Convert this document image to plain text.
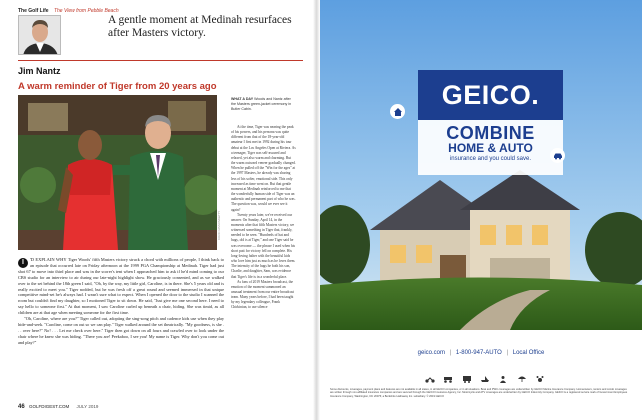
The Golf Life The View from Pebble Beach
A gentle moment at Medinah resurfaces after Masters victory.
Jim Nantz
A warm reminder of Tiger from 20 years ago
WHAT A DAY Woods and Nantz after the Masters green-jacket ceremony in Butler Cabin.

At the time, Tiger was nearing the peak of his powers, and his persona was quite different from that of the 18-year-old amateur I first met in 1992 during his tour debut at the Los Angeles Open at Riviera. As a teenager, Tiger was self-assured and relaxed, yet also warm and charming. But the warm outward veneer gradually changed. When he pulled off the "Win for the ages" at the 1997 Masters, he already was sharing less of his softer, emotional side. This only increased as time went on. But that gentle moment at Medinah reinforced to me that the wonderfully human side of Tiger was an authentic and permanent part of who he was. The question was, would we ever see it again?

Twenty years later, we've received our answer. On Sunday, April 14, in the moments after that fifth Masters victory, we witnessed something in Tiger that, frankly, needed to be seen. "Hundreds of hat and hugs, old is at Tiger," and one Tiger said he was overcome — the phrase I used when his short putt for victory fell on complete. His long-loving father with the beautiful kids who love him just as much as he loves them. The intensity of the hugs he both his son, Charlie, and daughter, Sam, was evidence that Tiger's life is in a wonderful place.

As fans of 2019 Masters broadcast, the emotion of the moment summoned an unusual treatment from our entire broadcast team. Many years before, I had been taught by my legendary colleague, Frank Chirkinian, to use silence

I	'D EXPLAIN WHY Tiger Woods' fifth Masters victory struck a chord with millions of people, I think back to an episode that occurred late on Friday afternoon at the 1999 PGA Championship at Medinah. Tiger had just shot 67 to move into third place and was in the scorer's tent when I approached him to ask if he'd mind coming to our CBS studio for an interview to air during our late-night highlight show. He graciously consented, and as we walked over to the set behind the 18th green I said, "Oh, by the way, my little girl, Caroline, is in there. She's 5 years old and is really excited to meet you." Tiger nodded, but he was fresh off a great round and seemed immersed in that unique competitive mind-set he's always had. I wasn't sure what to expect. When I opened the door to the studio I scanned the room but couldn't find my daughter, so I motioned Tiger to sit down. He said, "Just give me one second here. I need to say hello to someone first." At that moment, I saw Caroline curled up beneath a chair, hiding. She was timid, as all children are at that age when meeting someone for the first time.

"Oh, Caroline, where are you?" Tiger called out, adopting the sing-song pitch and cadence kids use when they play hide-and-seek. "Caroline, come on out so we can play." Tiger walked around the set theatrically. "My goodness, is she . . . over here?" No! . . . Let me check over here." Tiger then got down on all fours and crawled over to look under the chair where he knew she was hiding. "There you are! Peekaboo, I see you! My name is Tiger. Why don't you come out and play?"

DAVID CANNON/GETTY
46 GOLFDIGEST.COM JULY 2019
GEICO.
COMBINE
HOME & AUTO
insurance and you could save.
geico.com | 1-800-947-AUTO | Local Office
Some discounts, coverages, payment plans and features are not available in all states, in all GEICO companies, or in all situations. Boat and PWC coverages are underwritten by GEICO Marine Insurance Company. Homeowners, renters and condo coverages are written through non-affiliated insurance companies and are secured through the GEICO Insurance Agency, Inc. Motorcycle and ATV coverages are underwritten by GEICO Indemnity Company. GEICO is a registered service mark of Government Employees Insurance Company, Washington, DC 20076; a Berkshire Hathaway Inc. subsidiary. © 2019 GEICO
